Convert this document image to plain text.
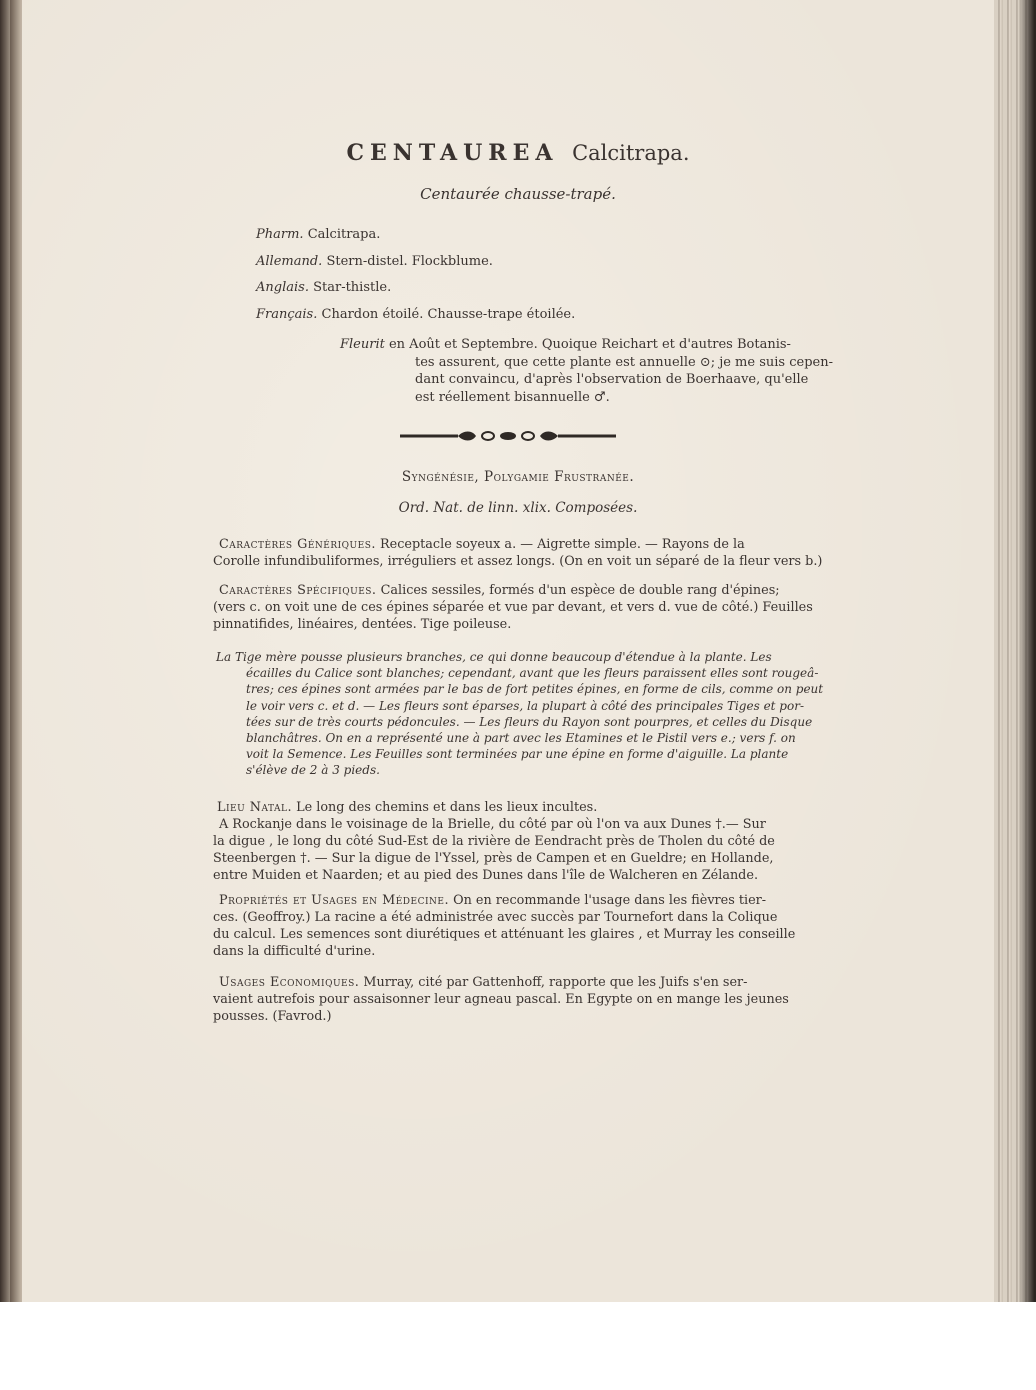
CENTAUREA Calcitrapa.
Centaurée chausse-trapé.
Pharm. Calcitrapa.
Allemand. Stern-distel. Flockblume.
Anglais. Star-thistle.
Français. Chardon étoilé. Chausse-trape étoilée.
Fleurit en Août et Septembre. Quoique Reichart et d'autres Botanis-
tes assurent, que cette plante est annuelle ⊙; je me suis cepen-
dant convaincu, d'après l'observation de Boerhaave, qu'elle
est réellement bisannuelle ♂.
Syngénésie, Polygamie Frustranée.
Ord. Nat. de linn. xlix. Composées.
Caractères Génériques. Receptacle soyeux a. — Aigrette simple. — Rayons de la
Corolle infundibuliformes, irréguliers et assez longs. (On en voit un séparé de la fleur vers b.)
Caractères Spécifiques. Calices sessiles, formés d'un espèce de double rang d'épines;
(vers c. on voit une de ces épines séparée et vue par devant, et vers d. vue de côté.) Feuilles
pinnatifides, linéaires, dentées. Tige poileuse.
La Tige mère pousse plusieurs branches, ce qui donne beaucoup d'étendue à la plante. Les
écailles du Calice sont blanches; cependant, avant que les fleurs paraissent elles sont rougeâ-
tres; ces épines sont armées par le bas de fort petites épines, en forme de cils, comme on peut
le voir vers c. et d. — Les fleurs sont éparses, la plupart à côté des principales Tiges et por-
tées sur de très courts pédoncules. — Les fleurs du Rayon sont pourpres, et celles du Disque
blanchâtres. On en a représenté une à part avec les Etamines et le Pistil vers e.; vers f. on
voit la Semence. Les Feuilles sont terminées par une épine en forme d'aiguille. La plante
s'élève de 2 à 3 pieds.
Lieu Natal. Le long des chemins et dans les lieux incultes.
A Rockanje dans le voisinage de la Brielle, du côté par où l'on va aux Dunes †.— Sur
la digue , le long du côté Sud-Est de la rivière de Eendracht près de Tholen du côté de
Steenbergen †. — Sur la digue de l'Yssel, près de Campen et en Gueldre; en Hollande,
entre Muiden et Naarden; et au pied des Dunes dans l'île de Walcheren en Zélande.
Propriétés et Usages en Médecine. On en recommande l'usage dans les fièvres tier-
ces. (Geoffroy.) La racine a été administrée avec succès par Tournefort dans la Colique
du calcul. Les semences sont diurétiques et atténuant les glaires , et Murray les conseille
dans la difficulté d'urine.
Usages Economiques. Murray, cité par Gattenhoff, rapporte que les Juifs s'en ser-
vaient autrefois pour assaisonner leur agneau pascal. En Egypte on en mange les jeunes
pousses. (Favrod.)
